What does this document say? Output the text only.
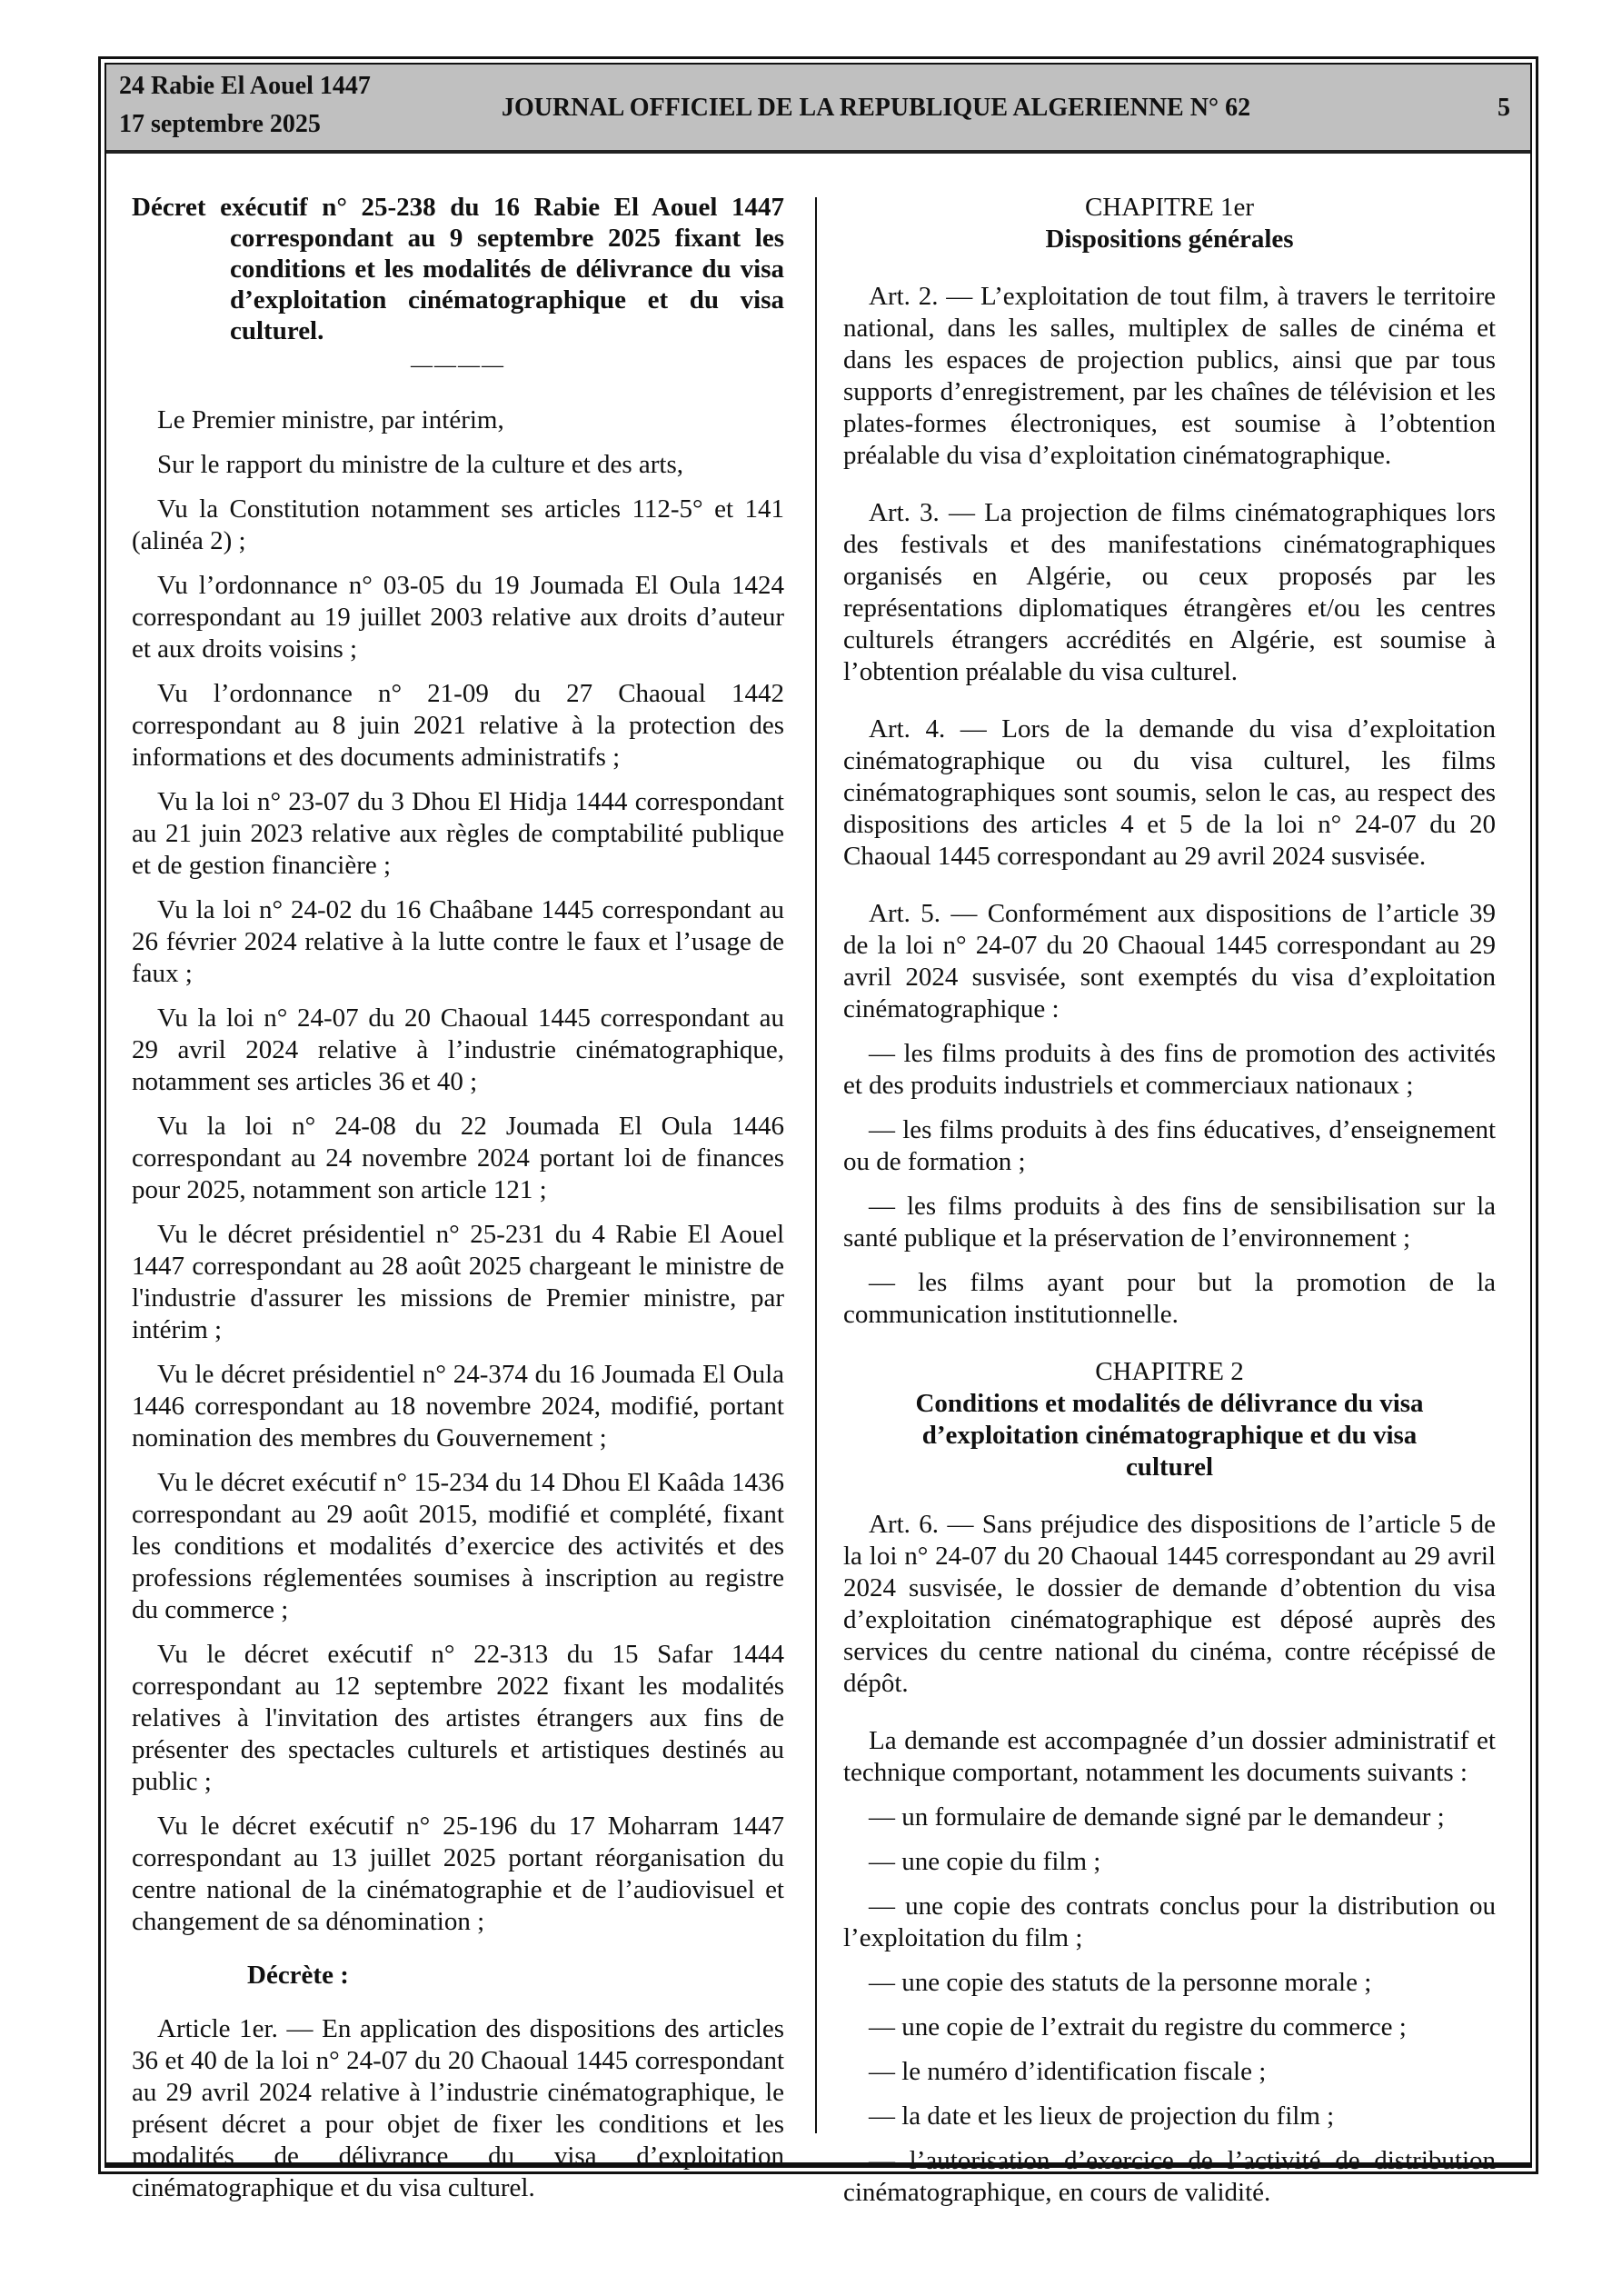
24 Rabie El Aouel 1447
17 septembre 2025
JOURNAL OFFICIEL DE LA REPUBLIQUE ALGERIENNE N° 62	5
Décret exécutif n° 25-238 du 16 Rabie El Aouel 1447 correspondant au 9 septembre 2025 fixant les conditions et les modalités de délivrance du visa d’exploitation cinématographique et du visa culturel.
————

Le Premier ministre, par intérim,

Sur le rapport du ministre de la culture et des arts,

Vu la Constitution notamment ses articles 112-5° et 141 (alinéa 2) ;

Vu l’ordonnance n° 03-05 du 19 Joumada El Oula 1424 correspondant au 19 juillet 2003 relative aux droits d’auteur et aux droits voisins ;

Vu l’ordonnance n° 21-09 du 27 Chaoual 1442 correspondant au 8 juin 2021 relative à la protection des informations et des documents administratifs ;

Vu la loi n° 23-07 du 3 Dhou El Hidja 1444 correspondant au 21 juin 2023 relative aux règles de comptabilité publique et de gestion financière ;

Vu la loi n° 24-02 du 16 Chaâbane 1445 correspondant au 26 février 2024 relative à la lutte contre le faux et l’usage de faux ;

Vu la loi n° 24-07 du 20 Chaoual 1445 correspondant au 29 avril 2024 relative à l’industrie cinématographique, notamment ses articles 36 et 40 ;

Vu la loi n° 24-08 du 22 Joumada El Oula 1446 correspondant au 24 novembre 2024 portant loi de finances pour 2025, notamment son article 121 ;

Vu le décret présidentiel n° 25-231 du 4 Rabie El Aouel 1447 correspondant au 28 août 2025 chargeant le ministre de l'industrie d'assurer les missions de Premier ministre, par intérim ;

Vu le décret présidentiel n° 24-374 du 16 Joumada El Oula 1446 correspondant au 18 novembre 2024, modifié, portant nomination des membres du Gouvernement ;

Vu le décret exécutif n° 15-234 du 14 Dhou El Kaâda 1436 correspondant au 29 août 2015, modifié et complété, fixant les conditions et modalités d’exercice des activités et des professions réglementées soumises à inscription au registre du commerce ;

Vu le décret exécutif n° 22-313 du 15 Safar 1444 correspondant au 12 septembre 2022 fixant les modalités relatives à l'invitation des artistes étrangers aux fins de présenter des spectacles culturels et artistiques destinés au public ;

Vu le décret exécutif n° 25-196 du 17 Moharram 1447 correspondant au 13 juillet 2025 portant réorganisation du centre national de la cinématographie et de l’audiovisuel et changement de sa dénomination ;

Décrète :

Article 1er. — En application des dispositions des articles 36 et 40 de la loi n° 24-07 du 20 Chaoual 1445 correspondant au 29 avril 2024 relative à l’industrie cinématographique, le présent décret a pour objet de fixer les conditions et les modalités de délivrance du visa d’exploitation cinématographique et du visa culturel.

CHAPITRE 1er
Dispositions générales

Art. 2. — L’exploitation de tout film, à travers le territoire national, dans les salles, multiplex de salles de cinéma et dans les espaces de projection publics, ainsi que par tous supports d’enregistrement, par les chaînes de télévision et les plates-formes électroniques, est soumise à l’obtention préalable du visa d’exploitation cinématographique.

Art. 3. — La projection de films cinématographiques lors des festivals et des manifestations cinématographiques organisés en Algérie, ou ceux proposés par les représentations diplomatiques étrangères et/ou les centres culturels étrangers accrédités en Algérie, est soumise à l’obtention préalable du visa culturel.

Art. 4. — Lors de la demande du visa d’exploitation cinématographique ou du visa culturel, les films cinématographiques sont soumis, selon le cas, au respect des dispositions des articles 4 et 5 de la loi n° 24-07 du 20 Chaoual 1445 correspondant au 29 avril 2024 susvisée.

Art. 5. — Conformément aux dispositions de l’article 39 de la loi n° 24-07 du 20 Chaoual 1445 correspondant au 29 avril 2024 susvisée, sont exemptés du visa d’exploitation cinématographique :

— les films produits à des fins de promotion des activités et des produits industriels et commerciaux nationaux ;

— les films produits à des fins éducatives, d’enseignement ou de formation ;

— les films produits à des fins de sensibilisation sur la santé publique et la préservation de l’environnement ;

— les films ayant pour but la promotion de la communication institutionnelle.

CHAPITRE 2
Conditions et modalités de délivrance du visa d’exploitation cinématographique et du visa culturel

Art. 6. — Sans préjudice des dispositions de l’article 5 de la loi n° 24-07 du 20 Chaoual 1445 correspondant au 29 avril 2024 susvisée, le dossier de demande d’obtention du visa d’exploitation cinématographique est déposé auprès des services du centre national du cinéma, contre récépissé de dépôt.

La demande est accompagnée d’un dossier administratif et technique comportant, notamment les documents suivants :

— un formulaire de demande signé par le demandeur ;

— une copie du film ;

— une copie des contrats conclus pour la distribution ou l’exploitation du film ;

— une copie des statuts de la personne morale ;

— une copie de l’extrait du registre du commerce ;

— le numéro d’identification fiscale ;

— la date et les lieux de projection du film ;

— l’autorisation d’exercice de l’activité de distribution cinématographique, en cours de validité.
